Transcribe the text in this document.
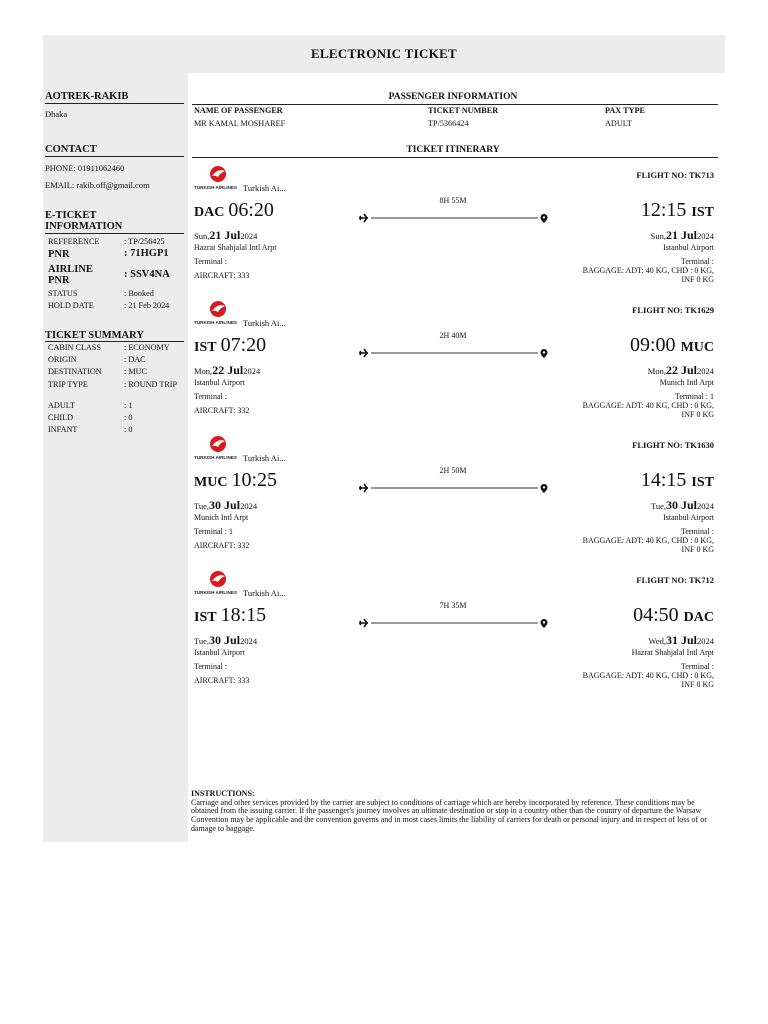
ELECTRONIC TICKET
AOTREK-RAKIB
Dhaka
CONTACT
PHONE: 01911062460
EMAIL: rakib.off@gmail.com
E-TICKET INFORMATION
REFFERENCE	: TP/256425
PNR	: 71HGP1
AIRLINE PNR
: SSV4NA
STATUS	: Booked
HOLD DATE	: 21 Feb 2024
TICKET SUMMARY
CABIN CLASS	: ECONOMY
ORIGIN	: DAC
DESTINATION	: MUC
TRIP TYPE	: ROUND TRIP
ADULT	: 1
CHILD	: 0
INFANT	: 0
PASSENGER INFORMATION
NAME OF PASSENGER	TICKET NUMBER	PAX TYPE
MR KAMAL MOSHAREF	TP/5366424	ADULT
TICKET ITINERARY
TURKISH AIRLINES Turkish Ai...
FLIGHT NO: TK713
DAC 06:20	12:15 IST
8H 55M
Sun,21 Jul2024	Sun,21 Jul2024
Hazrat Shahjalal Intl Arpt	Istanbul Airport
Terminal :	Terminal :
AIRCRAFT: 333
BAGGAGE: ADT: 40 KG, CHD : 0 KG,
INF 0 KG
TURKISH AIRLINES Turkish Ai...
FLIGHT NO: TK1629
IST 07:20	09:00 MUC
2H 40M
Mon,22 Jul2024	Mon,22 Jul2024
Istanbul Airport	Munich Intl Arpt
Terminal :	Terminal : 1
AIRCRAFT: 332
BAGGAGE: ADT: 40 KG, CHD : 0 KG,
INF 0 KG
TURKISH AIRLINES Turkish Ai...
FLIGHT NO: TK1630
MUC 10:25	14:15 IST
2H 50M
Tue,30 Jul2024	Tue,30 Jul2024
Munich Intl Arpt	Istanbul Airport
Terminal : 1	Terminal :
AIRCRAFT: 332
BAGGAGE: ADT: 40 KG, CHD : 0 KG,
INF 0 KG
TURKISH AIRLINES Turkish Ai...
FLIGHT NO: TK712
IST 18:15	04:50 DAC
7H 35M
Tue,30 Jul2024	Wed,31 Jul2024
Istanbul Airport	Hazrat Shahjalal Intl Arpt
Terminal :	Terminal :
AIRCRAFT: 333
BAGGAGE: ADT: 40 KG, CHD : 0 KG,
INF 0 KG
INSTRUCTIONS:
Carriage and other services provided by the carrier are subject to conditions of carriage which are hereby incorporated by reference. These conditions may be obtained from the issuing carrier. If the passenger's journey involves an ultimate destination or stop in a country other than the country of departure the Warsaw Convention may be applicable and the convention governs and in most cases limits the liability of carriers for death or personal injury and in respect of loss of or damage to baggage.
